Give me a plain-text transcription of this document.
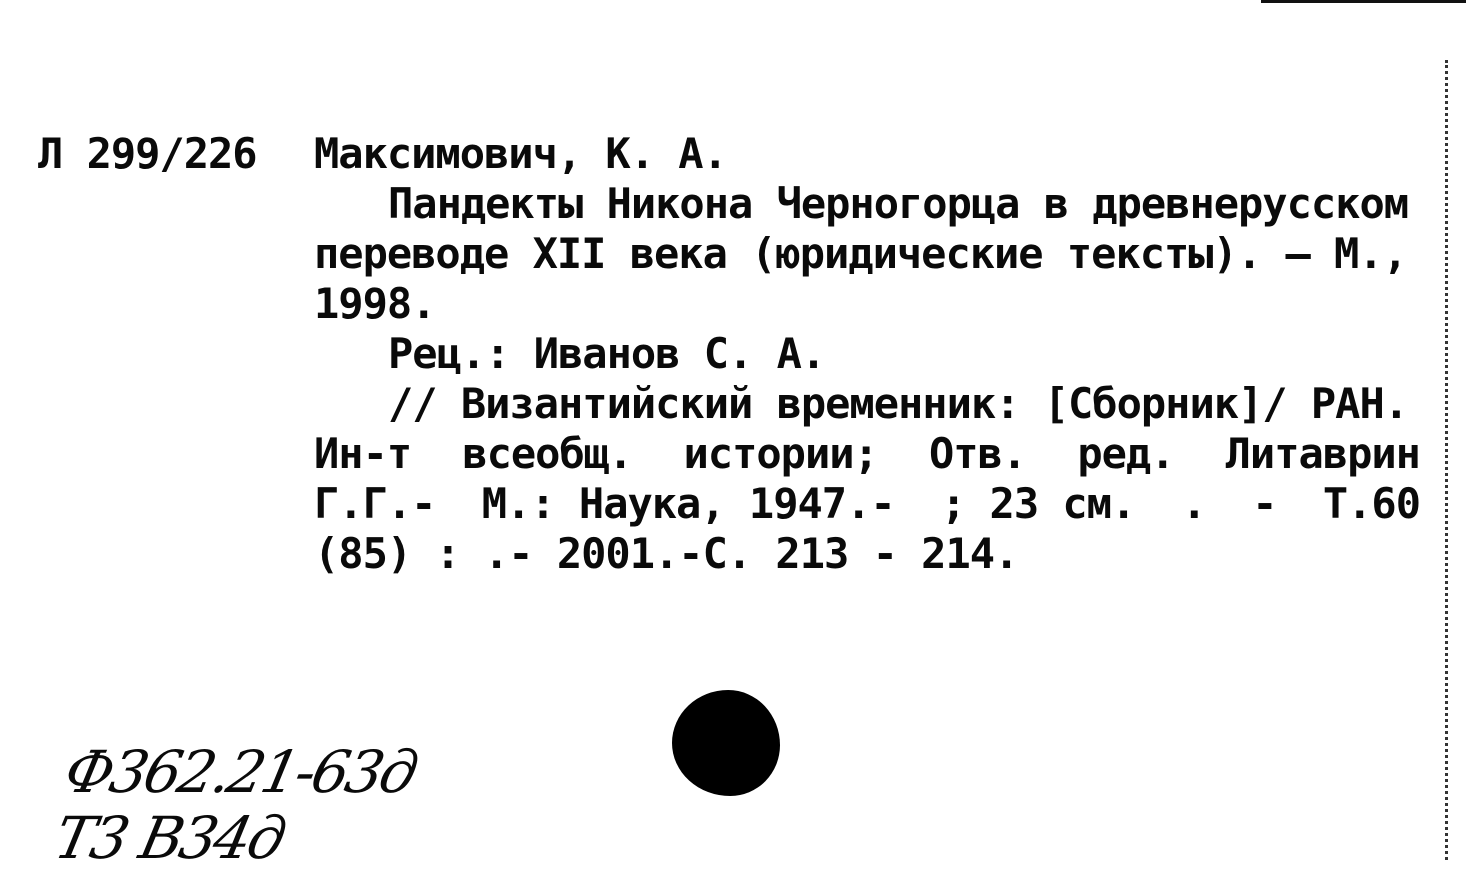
Л 299/226 Максимович, К. А.
Пандекты Никона Черногорца в древнерусском
переводе XII века (юридические тексты). – М.,
1998.
Рец.: Иванов С. А.
// Византийский временник: [Сборник]/ РАН.
Ин-т всеобщ. истории; Отв. ред. Литаврин
Г.Г.- М.: Наука, 1947.- ; 23 см. . - Т.60
(85) : .- 2001.-С. 213 - 214.
Ф362.21-63д
Т3 В34д
